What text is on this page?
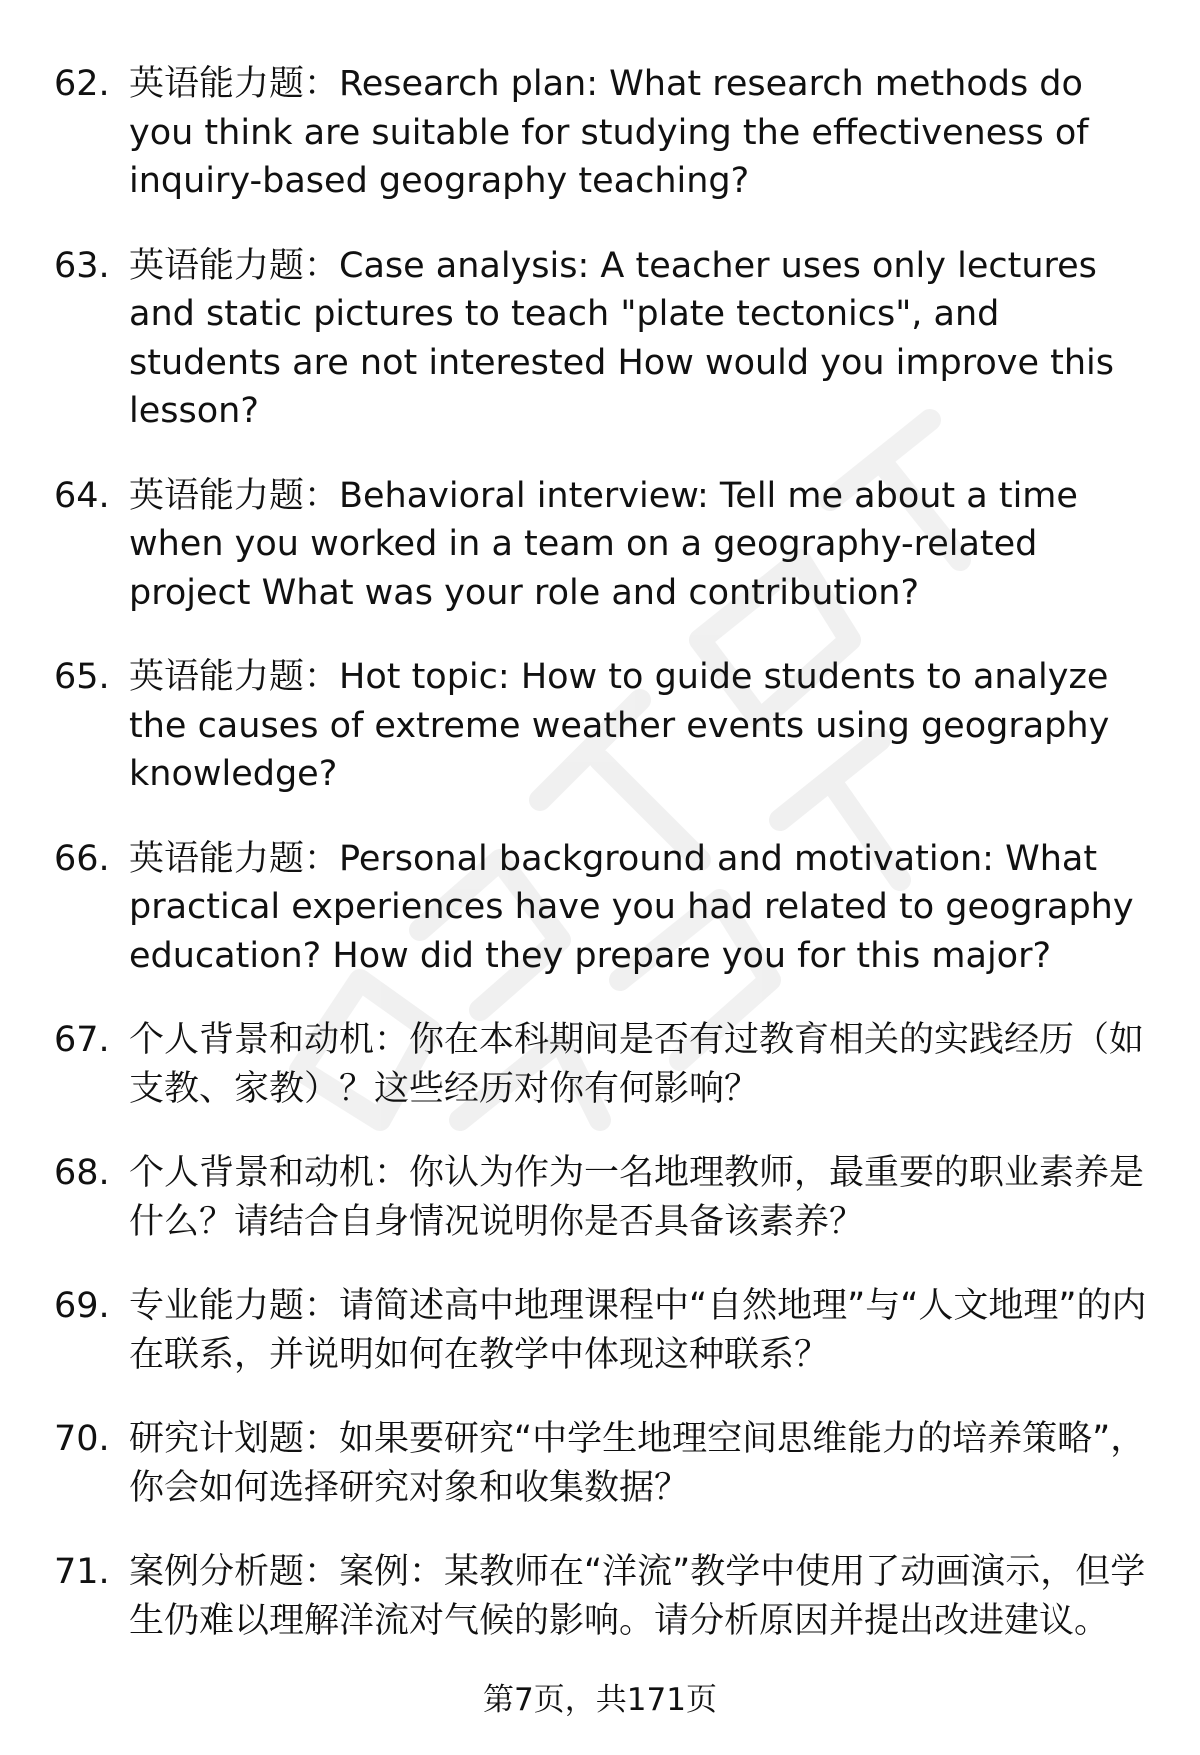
62. 英语能力题：Research plan: What research methods do you think are suitable for studying the effectiveness of inquiry-based geography teaching?
63. 英语能力题：Case analysis: A teacher uses only lectures and static pictures to teach "plate tectonics", and students are not interested How would you improve this lesson?
64. 英语能力题：Behavioral interview: Tell me about a time when you worked in a team on a geography-related project What was your role and contribution?
65. 英语能力题：Hot topic: How to guide students to analyze the causes of extreme weather events using geography knowledge?
66. 英语能力题：Personal background and motivation: What practical experiences have you had related to geography education? How did they prepare you for this major?
67. 个人背景和动机：你在本科期间是否有过教育相关的实践经历（如支教、家教）？这些经历对你有何影响？
68. 个人背景和动机：你认为作为一名地理教师，最重要的职业素养是什么？请结合自身情况说明你是否具备该素养？
69. 专业能力题：请简述高中地理课程中“自然地理”与“人文地理”的内在联系，并说明如何在教学中体现这种联系？
70. 研究计划题：如果要研究“中学生地理空间思维能力的培养策略”，你会如何选择研究对象和收集数据？
71. 案例分析题：案例：某教师在“洋流”教学中使用了动画演示，但学生仍难以理解洋流对气候的影响。请分析原因并提出改进建议。
第7页，共171页
